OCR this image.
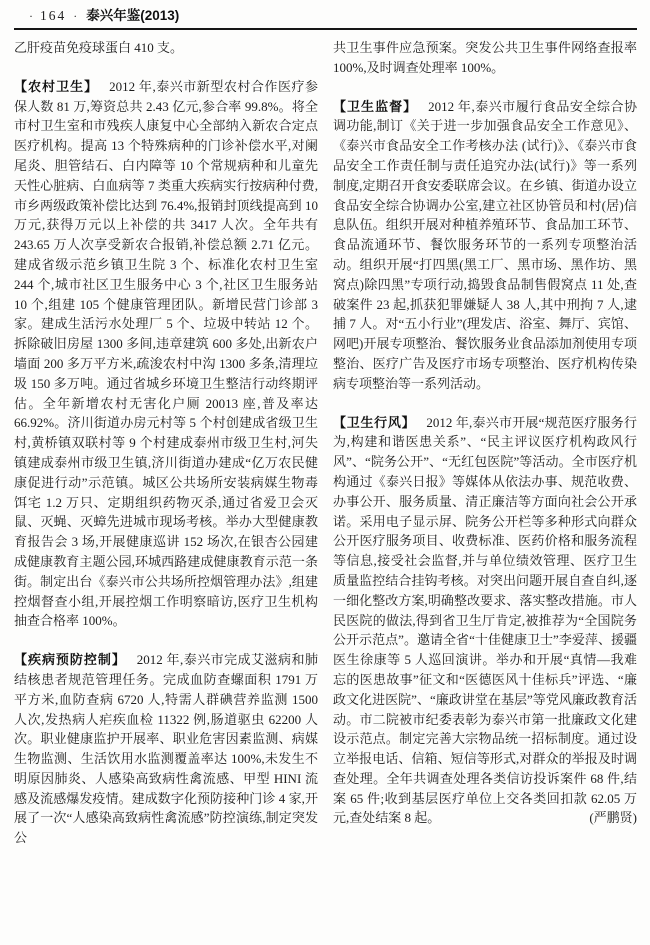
· 164 · 泰兴年鉴(2013)

乙肝疫苗免疫球蛋白 410 支。

【农村卫生】 2012 年,泰兴市新型农村合作医疗参保人数 81 万,筹资总共 2.43 亿元,参合率 99.8%。将全市村卫生室和市残疾人康复中心全部纳入新农合定点医疗机构。提高 13 个特殊病种的门诊补偿水平,对阑尾炎、胆管结石、白内障等 10 个常规病种和儿童先天性心脏病、白血病等 7 类重大疾病实行按病种付费,市乡两级政策补偿比达到 76.4%,报销封顶线提高到 10 万元,获得万元以上补偿的共 3417 人次。全年共有 243.65 万人次享受新农合报销,补偿总额 2.71 亿元。建成省级示范乡镇卫生院 3 个、标准化农村卫生室 244 个,城市社区卫生服务中心 3 个,社区卫生服务站 10 个,组建 105 个健康管理团队。新增民营门诊部 3 家。建成生活污水处理厂 5 个、垃圾中转站 12 个。拆除破旧房屋 1300 多间,违章建筑 600 多处,出新农户墙面 200 多万平方米,疏浚农村中沟 1300 多条,清理垃圾 150 多万吨。通过省城乡环境卫生整洁行动终期评估。全年新增农村无害化户厕 20013 座,普及率达 66.92%。济川街道办房元村等 5 个村创建成省级卫生村,黄桥镇双联村等 9 个村建成泰州市级卫生村,河失镇建成泰州市级卫生镇,济川街道办建成“亿万农民健康促进行动”示范镇。城区公共场所安装病媒生物毒饵宅 1.2 万只、定期组织药物灭杀,通过省爱卫会灭鼠、灭蝇、灭蟑先进城市现场考核。举办大型健康教育报告会 3 场,开展健康巡讲 152 场次,在银杏公园建成健康教育主题公园,环城西路建成健康教育示范一条街。制定出台《泰兴市公共场所控烟管理办法》,组建控烟督查小组,开展控烟工作明察暗访,医疗卫生机构抽查合格率 100%。

【疾病预防控制】 2012 年,泰兴市完成艾滋病和肺结核患者规范管理任务。完成血防查螺面积 1791 万平方米,血防查病 6720 人,特需人群碘营养监测 1500 人次,发热病人疟疾血检 11322 例,肠道驱虫 62200 人次。职业健康监护开展率、职业危害因素监测、病媒生物监测、生活饮用水监测覆盖率达 100%,未发生不明原因肺炎、人感染高致病性禽流感、甲型 HINI 流感及流感爆发疫情。建成数字化预防接种门诊 4 家,开展了一次“人感染高致病性禽流感”防控演练,制定突发公

共卫生事件应急预案。突发公共卫生事件网络查报率 100%,及时调查处理率 100%。

【卫生监督】 2012 年,泰兴市履行食品安全综合协调功能,制订《关于进一步加强食品安全工作意见》、《泰兴市食品安全工作考核办法 (试行)》、《泰兴市食品安全工作责任制与责任追究办法(试行)》等一系列制度,定期召开食安委联席会议。在乡镇、街道办设立食品安全综合协调办公室,建立社区协管员和村(居)信息队伍。组织开展对种植养殖环节、食品加工环节、食品流通环节、餐饮服务环节的一系列专项整治活动。组织开展“打四黑(黑工厂、黑市场、黑作坊、黑窝点)除四黑”专项行动,捣毁食品制售假窝点 11 处,查破案件 23 起,抓获犯罪嫌疑人 38 人,其中刑拘 7 人,逮捕 7 人。对“五小行业”(理发店、浴室、舞厅、宾馆、网吧)开展专项整治、餐饮服务业食品添加剂使用专项整治、医疗广告及医疗市场专项整治、医疗机构传染病专项整治等一系列活动。

【卫生行风】 2012 年,泰兴市开展“规范医疗服务行为,构建和谐医患关系”、“民主评议医疗机构政风行风”、“院务公开”、“无红包医院”等活动。全市医疗机构通过《泰兴日报》等媒体从依法办事、规范收费、办事公开、服务质量、清正廉洁等方面向社会公开承诺。采用电子显示屏、院务公开栏等多种形式向群众公开医疗服务项目、收费标准、医药价格和服务流程等信息,接受社会监督,并与单位绩效管理、医疗卫生质量监控结合挂钩考核。对突出问题开展自查自纠,逐一细化整改方案,明确整改要求、落实整改措施。市人民医院的做法,得到省卫生厅肯定,被推荐为“全国院务公开示范点”。邀请全省“十佳健康卫士”李爱萍、援疆医生徐康等 5 人巡回演讲。举办和开展“真情—我难忘的医患故事”征文和“医德医风十佳标兵”评选、“廉政文化进医院”、“廉政讲堂在基层”等党风廉政教育活动。市二院被市纪委表彰为泰兴市第一批廉政文化建设示范点。制定完善大宗物品统一招标制度。通过设立举报电话、信箱、短信等形式,对群众的举报及时调查处理。全年共调查处理各类信访投诉案件 68 件,结案 65 件;收到基层医疗单位上交各类回扣款 62.05 万元,查处结案 8 起。	(严鹏贤)
